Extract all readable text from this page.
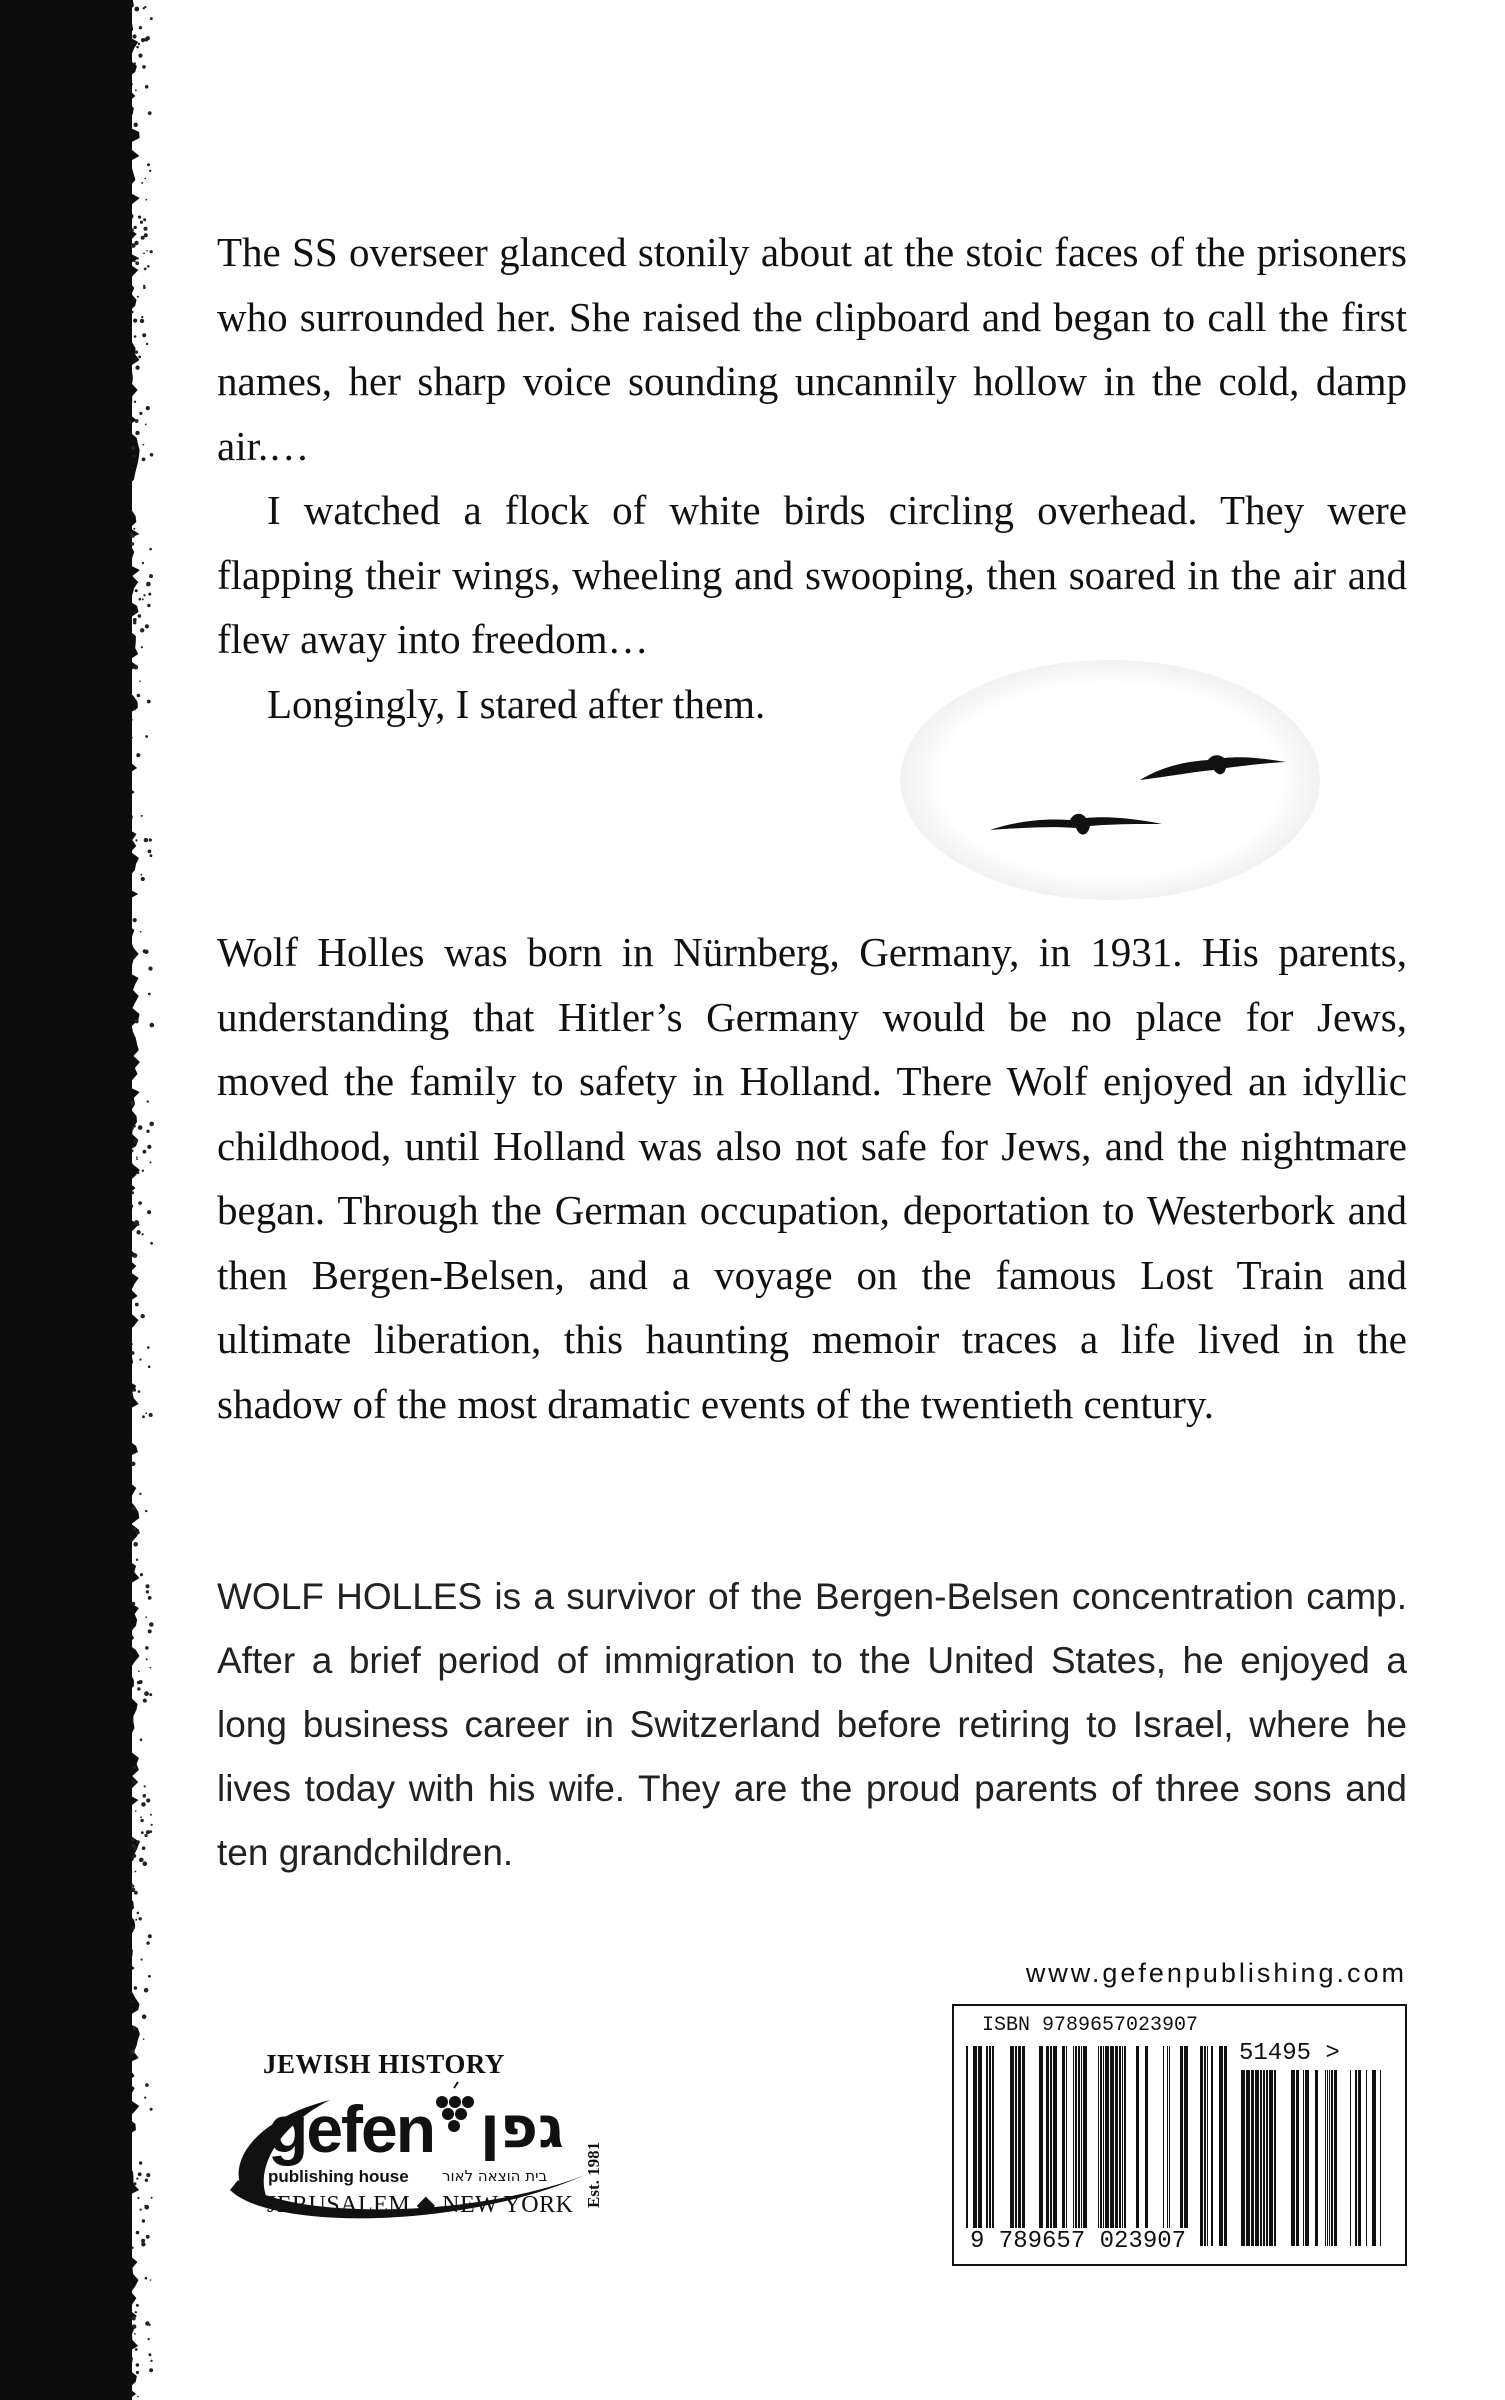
The SS overseer glanced stonily about at the stoic faces of the prisoners who surrounded her. She raised the clipboard and began to call the first names, her sharp voice sounding uncannily hollow in the cold, damp air.…

I watched a flock of white birds circling overhead. They were flapping their wings, wheeling and swooping, then soared in the air and flew away into freedom…

Longingly, I stared after them.

Wolf Holles was born in Nürnberg, Germany, in 1931. His parents, understanding that Hitler’s Germany would be no place for Jews, moved the family to safety in Holland. There Wolf enjoyed an idyllic childhood, until Holland was also not safe for Jews, and the nightmare began. Through the German occupation, deportation to Westerbork and then Bergen-Belsen, and a voyage on the famous Lost Train and ultimate liberation, this haunting memoir traces a life lived in the shadow of the most dramatic events of the twentieth century.

WOLF HOLLES is a survivor of the Bergen-Belsen concentration camp. After a brief period of immigration to the United States, he enjoyed a long business career in Switzerland before retiring to Israel, where he lives today with his wife. They are the proud parents of three sons and ten grandchildren.
www.gefenpublishing.com
ISBN 9789657023907
51495 >
9 789657 023907
JEWISH HISTORY
gefen גפן
publishing house בית הוצאה לאור
JERUSALEM ◆ NEW YORK Est. 1981
